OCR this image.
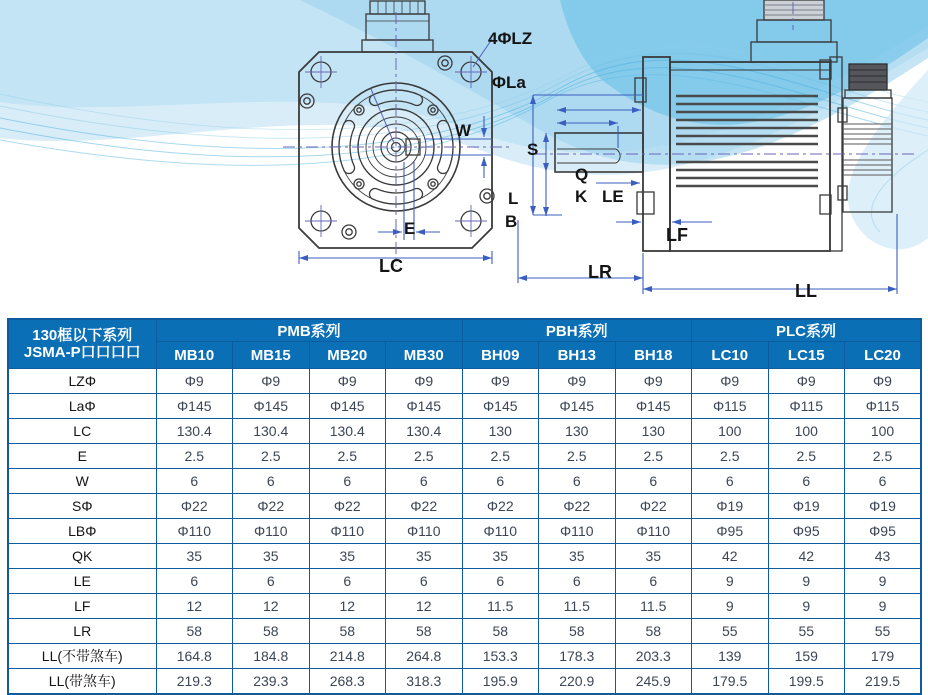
4ΦLZ
ΦLa
W
E
LC
S
Q
K LE
L
B
LF
LR
LL
130框以下系列
JSMA-P口口口口	PMB系列				PBH系列			PLC系列		
	MB10	MB15	MB20	MB30	BH09	BH13	BH18	LC10	LC15	LC20
LZΦ	Φ9	Φ9	Φ9	Φ9	Φ9	Φ9	Φ9	Φ9	Φ9	Φ9
LaΦ	Φ145	Φ145	Φ145	Φ145	Φ145	Φ145	Φ145	Φ115	Φ115	Φ115
LC	130.4	130.4	130.4	130.4	130	130	130	100	100	100
E	2.5	2.5	2.5	2.5	2.5	2.5	2.5	2.5	2.5	2.5
W	6	6	6	6	6	6	6	6	6	6
SΦ	Φ22	Φ22	Φ22	Φ22	Φ22	Φ22	Φ22	Φ19	Φ19	Φ19
LBΦ	Φ110	Φ110	Φ110	Φ110	Φ110	Φ110	Φ110	Φ95	Φ95	Φ95
QK	35	35	35	35	35	35	35	42	42	43
LE	6	6	6	6	6	6	6	9	9	9
LF	12	12	12	12	11.5	11.5	11.5	9	9	9
LR	58	58	58	58	58	58	58	55	55	55
LL(不带煞车)	164.8	184.8	214.8	264.8	153.3	178.3	203.3	139	159	179
LL(带煞车)	219.3	239.3	268.3	318.3	195.9	220.9	245.9	179.5	199.5	219.5
